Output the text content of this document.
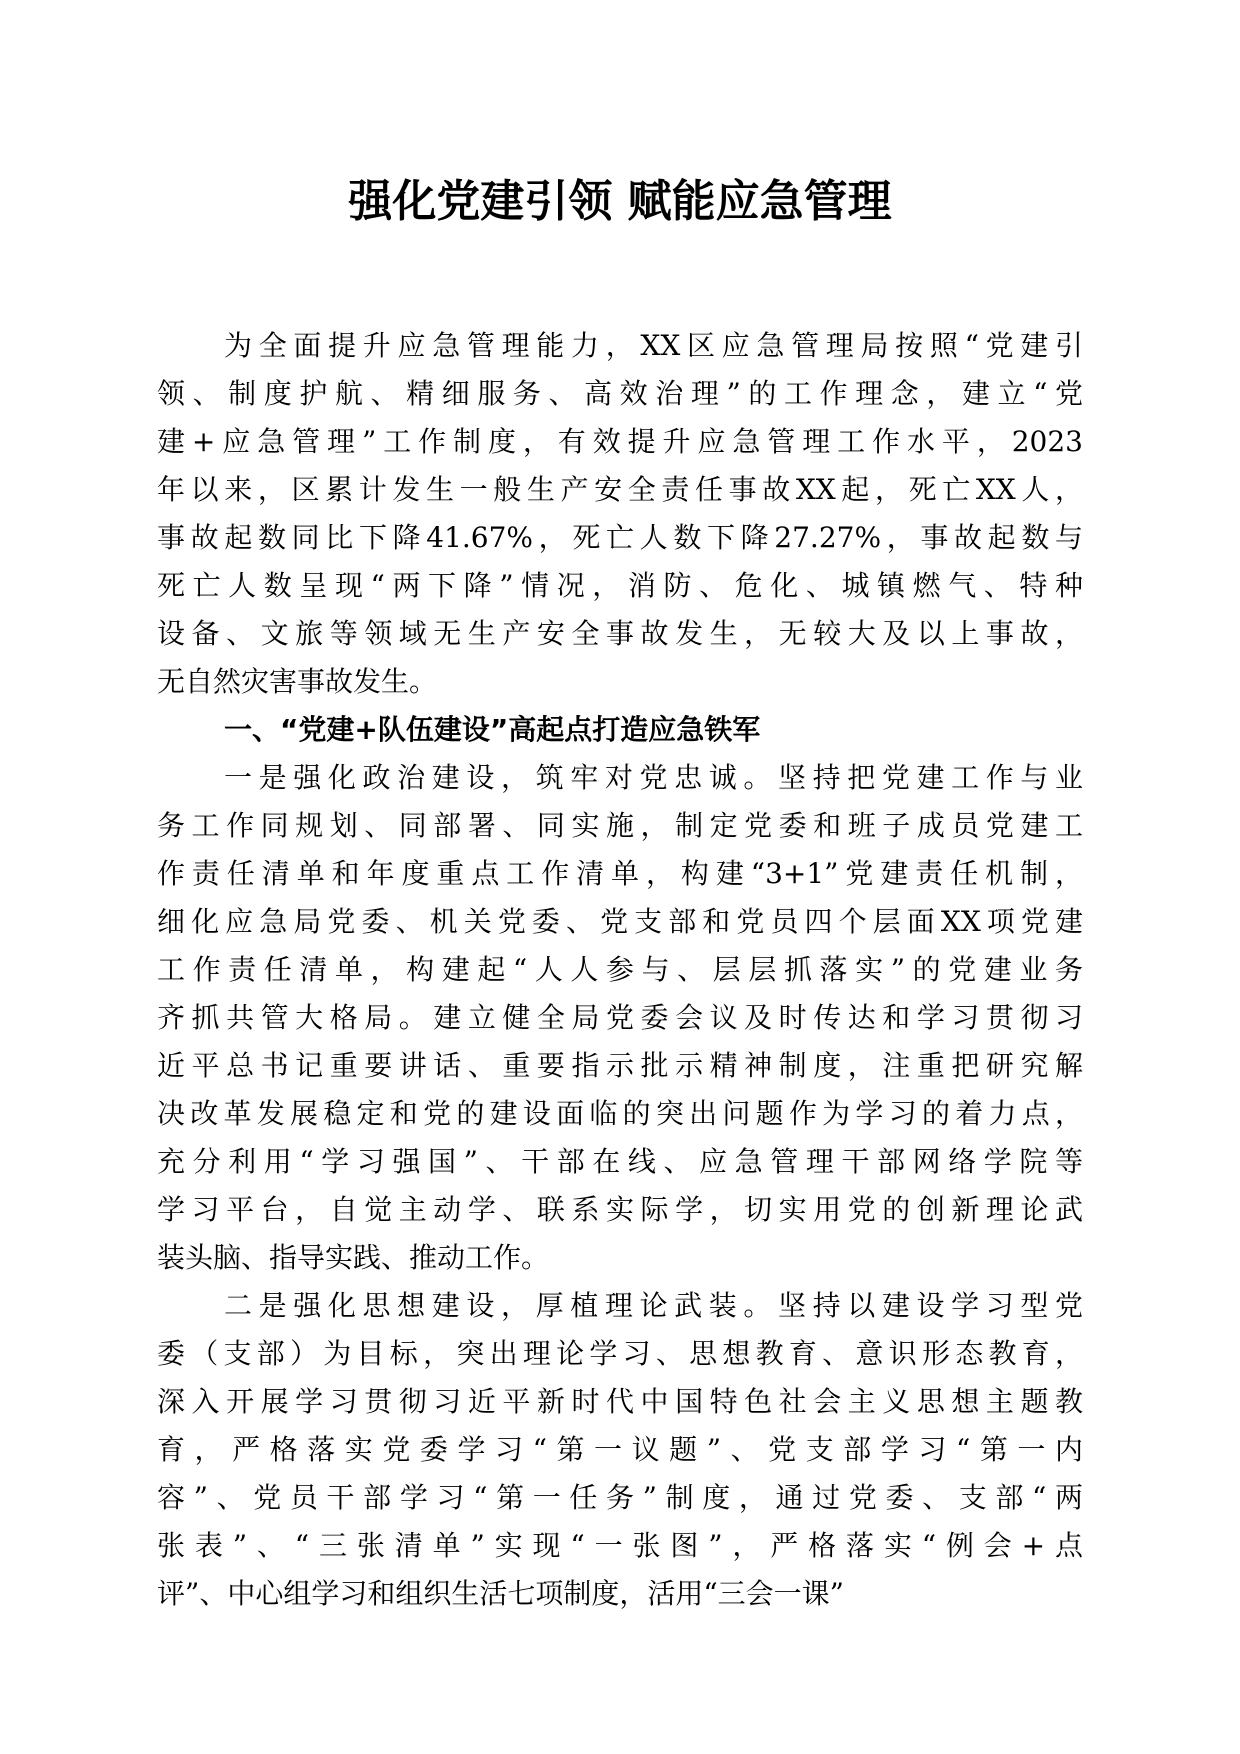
强化党建引领 赋能应急管理
为全面提升应急管理能力，XX区应急管理局按照“党建引
领、制度护航、精细服务、高效治理”的工作理念，建立“党
建+应急管理”工作制度，有效提升应急管理工作水平，2023
年以来，区累计发生一般生产安全责任事故XX起，死亡XX人，
事故起数同比下降41.67%，死亡人数下降27.27%，事故起数与
死亡人数呈现“两下降”情况，消防、危化、城镇燃气、特种
设备、文旅等领域无生产安全事故发生，无较大及以上事故，
无自然灾害事故发生。
一、“党建+队伍建设”高起点打造应急铁军
一是强化政治建设，筑牢对党忠诚。坚持把党建工作与业
务工作同规划、同部署、同实施，制定党委和班子成员党建工
作责任清单和年度重点工作清单，构建“3+1”党建责任机制，
细化应急局党委、机关党委、党支部和党员四个层面XX项党建
工作责任清单，构建起“人人参与、层层抓落实”的党建业务
齐抓共管大格局。建立健全局党委会议及时传达和学习贯彻习
近平总书记重要讲话、重要指示批示精神制度，注重把研究解
决改革发展稳定和党的建设面临的突出问题作为学习的着力点，
充分利用“学习强国”、干部在线、应急管理干部网络学院等
学习平台，自觉主动学、联系实际学，切实用党的创新理论武
装头脑、指导实践、推动工作。
二是强化思想建设，厚植理论武装。坚持以建设学习型党
委（支部）为目标，突出理论学习、思想教育、意识形态教育，
深入开展学习贯彻习近平新时代中国特色社会主义思想主题教
育，严格落实党委学习“第一议题”、党支部学习“第一内
容”、党员干部学习“第一任务”制度，通过党委、支部“两
张表”、“三张清单”实现“一张图”，严格落实“例会+点
评”、中心组学习和组织生活七项制度，活用“三会一课”
